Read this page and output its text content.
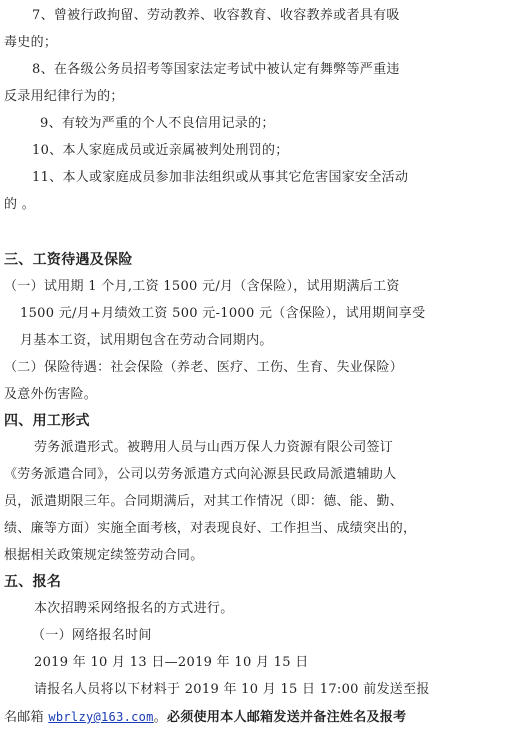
7、曾被行政拘留、劳动教养、收容教育、收容教养或者具有吸
毒史的；
8、在各级公务员招考等国家法定考试中被认定有舞弊等严重违
反录用纪律行为的；
9、有较为严重的个人不良信用记录的；
10、本人家庭成员或近亲属被判处刑罚的；
11、本人或家庭成员参加非法组织或从事其它危害国家安全活动
的 。
三、工资待遇及保险
（一）试用期 1 个月,工资 1500 元/月（含保险），试用期满后工资
1500 元/月+月绩效工资 500 元-1000 元（含保险），试用期间享受
月基本工资，试用期包含在劳动合同期内。
（二）保险待遇：社会保险（养老、医疗、工伤、生育、失业保险）
及意外伤害险。
四、用工形式
劳务派遣形式。被聘用人员与山西万保人力资源有限公司签订
《劳务派遣合同》，公司以劳务派遣方式向沁源县民政局派遣辅助人
员，派遣期限三年。合同期满后，对其工作情况（即：德、能、勤、
绩、廉等方面）实施全面考核，对表现良好、工作担当、成绩突出的，
根据相关政策规定续签劳动合同。
五、报名
本次招聘采网络报名的方式进行。
（一）网络报名时间
2019 年 10 月 13 日—2019 年 10 月 15 日
请报名人员将以下材料于 2019 年 10 月 15 日 17:00 前发送至报
名邮箱 wbrlzy@163.com。必须使用本人邮箱发送并备注姓名及报考
